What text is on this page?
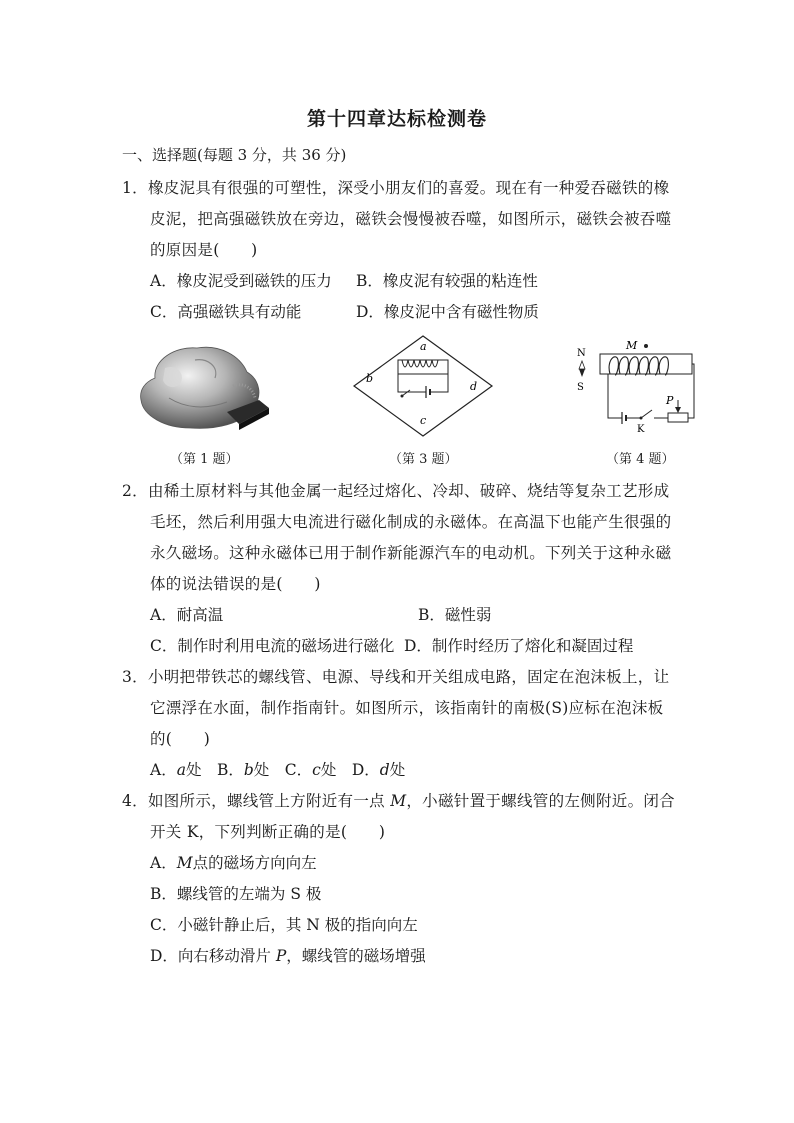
第十四章达标检测卷
一、选择题(每题 3 分，共 36 分)
1．橡皮泥具有很强的可塑性，深受小朋友们的喜爱。现在有一种爱吞磁铁的橡
皮泥，把高强磁铁放在旁边，磁铁会慢慢被吞噬，如图所示，磁铁会被吞噬
的原因是(　　)
A．橡皮泥受到磁铁的压力 B．橡皮泥有较强的粘连性
C．高强磁铁具有动能	D．橡皮泥中含有磁性物质
a
b
c
d
N
S
M
K
P
（第 1 题）	（第 3 题）	（第 4 题）
2．由稀土原材料与其他金属一起经过熔化、冷却、破碎、烧结等复杂工艺形成
毛坯，然后利用强大电流进行磁化制成的永磁体。在高温下也能产生很强的
永久磁场。这种永磁体已用于制作新能源汽车的电动机。下列关于这种永磁
体的说法错误的是(　　)
A．耐高温	B．磁性弱
C．制作时利用电流的磁场进行磁化 D．制作时经历了熔化和凝固过程
3．小明把带铁芯的螺线管、电源、导线和开关组成电路，固定在泡沫板上，让
它漂浮在水面，制作指南针。如图所示，该指南针的南极(S)应标在泡沫板
的(　　)
A．a处　B．b处　C．c处　D．d处
4．如图所示，螺线管上方附近有一点 M，小磁针置于螺线管的左侧附近。闭合
开关 K，下列判断正确的是(　　)
A．M点的磁场方向向左
B．螺线管的左端为 S 极
C．小磁针静止后，其 N 极的指向向左
D．向右移动滑片 P，螺线管的磁场增强
